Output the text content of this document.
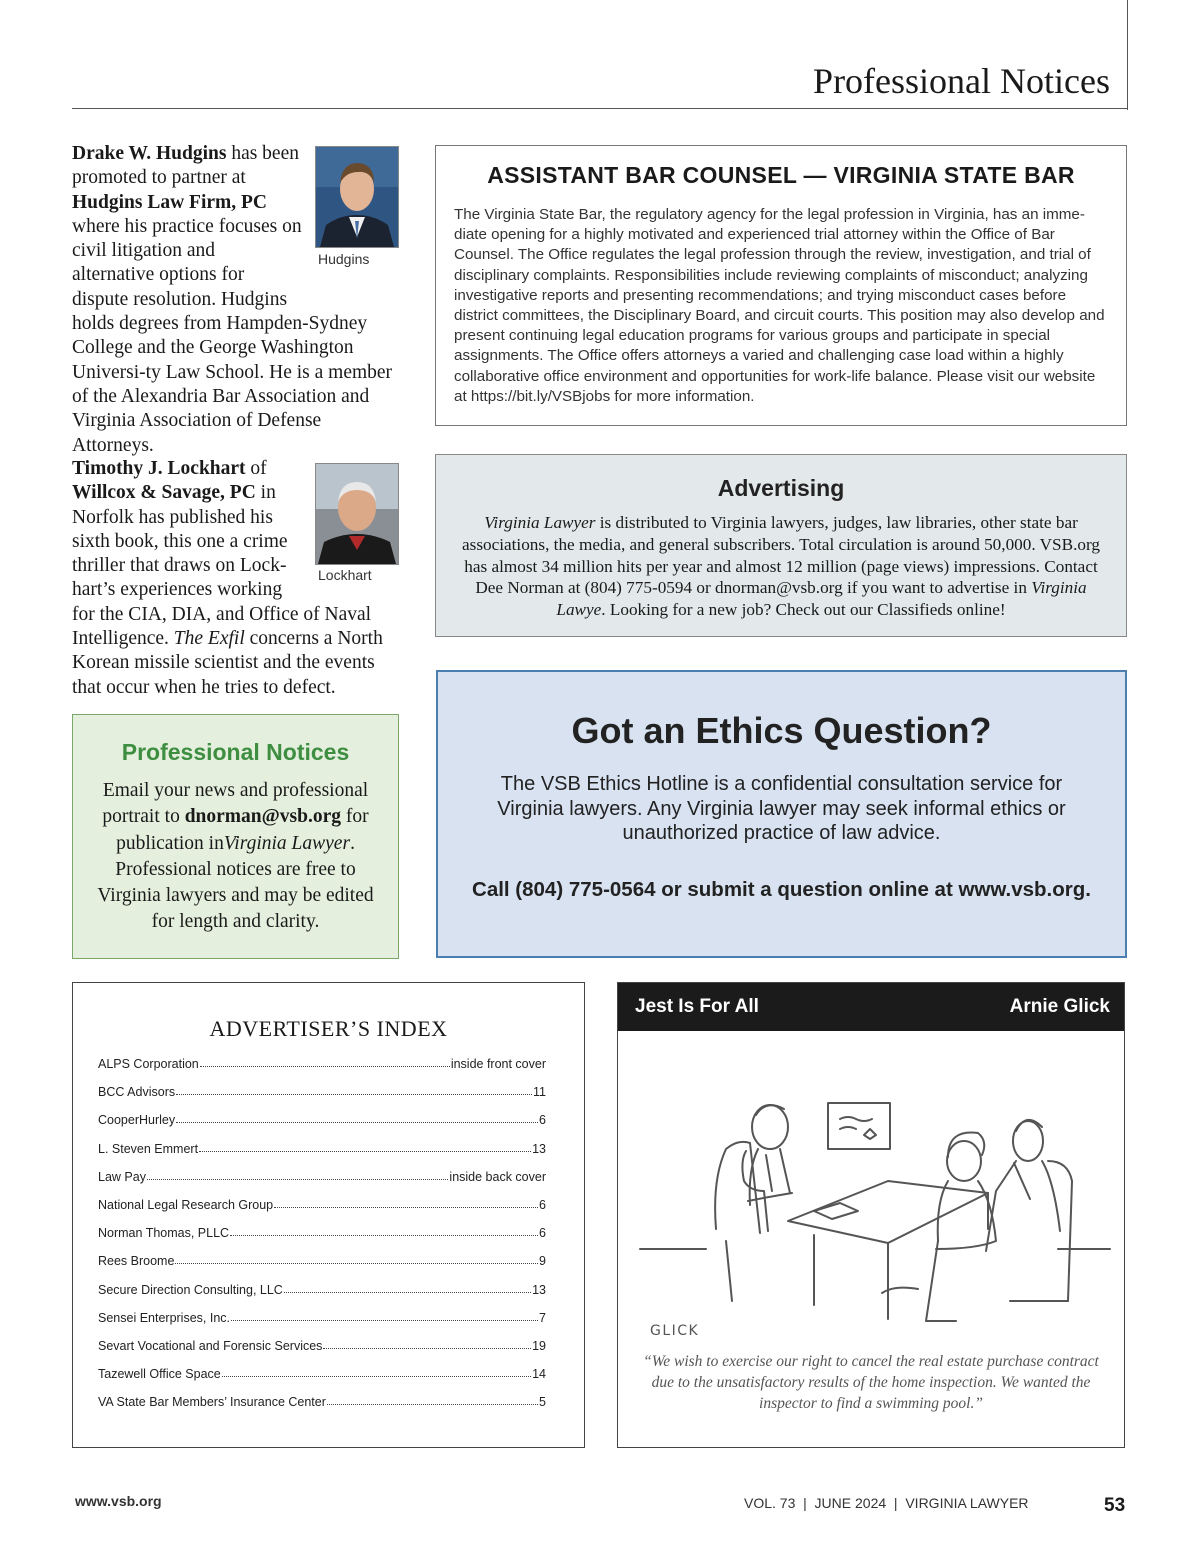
Professional Notices
Hudgins
Drake W. Hudgins has been promoted to partner at Hudgins Law Firm, PC where his practice focuses on civil litigation and alternative options for dispute resolution. Hudgins holds degrees from Hampden-Sydney College and the George Washington Universi-ty Law School. He is a member of the Alexandria Bar Association and Virginia Association of Defense Attorneys.
Lockhart
Timothy J. Lockhart of Willcox & Savage, PC in Norfolk has published his sixth book, this one a crime thriller that draws on Lock-hart’s experiences working for the CIA, DIA, and Office of Naval Intelligence. The Exfil concerns a North Korean missile scientist and the events that occur when he tries to defect.
Professional Notices
Email your news and professional portrait to dnorman@vsb.org for publication inVirginia Lawyer. Professional notices are free to Virginia lawyers and may be edited for length and clarity.
ASSISTANT BAR COUNSEL — VIRGINIA STATE BAR
The Virginia State Bar, the regulatory agency for the legal profession in Virginia, has an imme-diate opening for a highly motivated and experienced trial attorney within the Office of Bar Counsel. The Office regulates the legal profession through the review, investigation, and trial of disciplinary complaints. Responsibilities include reviewing complaints of misconduct; analyzing investigative reports and presenting recommendations; and trying misconduct cases before district committees, the Disciplinary Board, and circuit courts. This position may also develop and present continuing legal education programs for various groups and participate in special assignments. The Office offers attorneys a varied and challenging case load within a highly collaborative office environment and opportunities for work-life balance. Please visit our website at https://bit.ly/VSBjobs for more information.
Advertising
Virginia Lawyer is distributed to Virginia lawyers, judges, law libraries, other state bar associations, the media, and general subscribers. Total circulation is around 50,000. VSB.org has almost 34 million hits per year and almost 12 million (page views) impressions. Contact Dee Norman at (804) 775-0594 or dnorman@vsb.org if you want to advertise in Virginia Lawye. Looking for a new job? Check out our Classifieds online!
Got an Ethics Question?
The VSB Ethics Hotline is a confidential consultation service for Virginia lawyers. Any Virginia lawyer may seek informal ethics or unauthorized practice of law advice.
Call (804) 775-0564 or submit a question online at www.vsb.org.
ADVERTISER’S INDEX
ALPS Corporation	inside front cover
BCC Advisors	11
CooperHurley	6
L. Steven Emmert	13
Law Pay	inside back cover
National Legal Research Group	6
Norman Thomas, PLLC	6
Rees Broome	9
Secure Direction Consulting, LLC	13
Sensei Enterprises, Inc.	7
Sevart Vocational and Forensic Services	19
Tazewell Office Space	14
VA State Bar Members’ Insurance Center	5
Jest Is For All	Arnie Glick
GLICK
“We wish to exercise our right to cancel the real estate purchase contract due to the unsatisfactory results of the home inspection. We wanted the inspector to find a swimming pool.”
www.vsb.org	VOL. 73  |  JUNE 2024  |  VIRGINIA LAWYER	53
